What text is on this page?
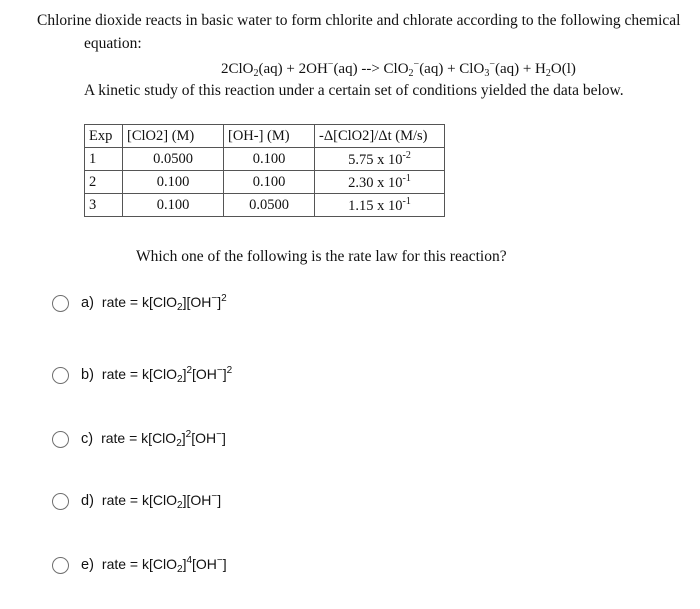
Chlorine dioxide reacts in basic water to form chlorite and chlorate according to the following chemical
equation:
2ClO$_2$(aq) + 2OH−(aq) --> $ClO_2^-(aq) + ClO_3^-(aq) + H_2O(l)$
A kinetic study of this reaction under a certain set of conditions yielded the data below.
Exp	[ClO2] (M)	[OH-] (M)	-Δ[ClO2]/Δt (M/s)
1	0.0500	0.100	5.75 x $10^{-2}$
2	0.100	0.100	2.30 x $10^{-1}$
3	0.100	0.0500	1.15 x $10^{-1}$
Which one of the following is the rate law for this reaction?
a) rate = $k[ClO_2][OH^-]^2$
b) rate = $k[ClO_2]^2[OH^-]^2$
c) rate = $k[ClO_2]^2[OH^-]$
d) rate = k[ClO$_2$][OH−]
e) rate = $k[ClO_2]^4[OH^-]$
